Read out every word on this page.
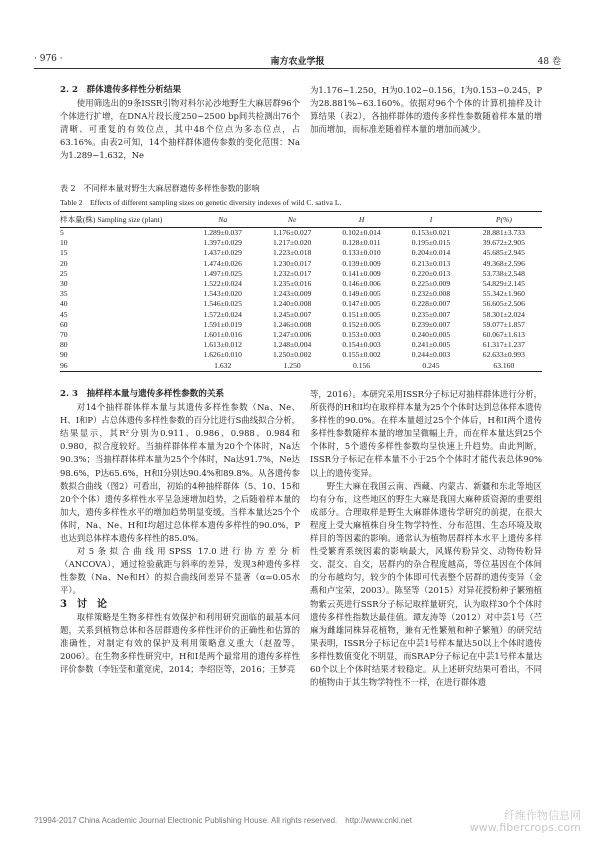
· 976 ·	南方农业学报	48 卷

2. 2　群体遗传多样性分析结果

使用筛选出的9条ISSR引物对科尔沁沙地野生大麻居群96个个体进行扩增，在DNA片段长度250~2500 bp间共检测出76个清晰、可重复的有效位点，其中48个位点为多态位点，占63.16%。由表2可知，14个抽样群体遗传参数的变化范围：Na为1.289~1.632，Ne

为1.176~1.250，H为0.102~0.156，I为0.153~0.245，P为28.881%~63.160%。依据对96个个体的计算机抽样及计算结果（表2），各抽样群体的遗传多样性参数随着样本量的增加而增加，而标准差随着样本量的增加而减少。

表 2　不同样本量对野生大麻居群遗传多样性参数的影响
Table 2　Effects of different sampling sizes on genetic diversity indexes of wild C. sativa L.
样本量(株) Sampling size (plant)	Na	Ne	H	I	P(%)
5	1.289±0.037	1.176±0.027	0.102±0.014	0.153±0.021	28.881±3.733
10	1.397±0.029	1.217±0.020	0.128±0.011	0.195±0.015	39.672±2.905
15	1.437±0.029	1.223±0.018	0.133±0.010	0.204±0.014	45.685±2.945
20	1.474±0.026	1.230±0.017	0.139±0.009	0.213±0.013	49.368±2.596
25	1.497±0.025	1.232±0.017	0.141±0.009	0.220±0.013	53.738±2.548
30	1.522±0.024	1.235±0.016	0.146±0.006	0.225±0.009	54.829±2.145
35	1.543±0.020	1.243±0.009	0.149±0.005	0.232±0.008	55.342±1.960
40	1.546±0.025	1.240±0.008	0.147±0.005	0.228±0.007	56.605±2.506
45	1.572±0.024	1.245±0.007	0.151±0.005	0.235±0.007	58.301±2.024
60	1.591±0.019	1.246±0.008	0.152±0.005	0.239±0.007	59.077±1.857
70	1.601±0.016	1.247±0.006	0.153±0.003	0.240±0.005	60.067±1.613
80	1.613±0.012	1.248±0.004	0.154±0.003	0.241±0.005	61.317±1.237
90	1.626±0.010	1.250±0.002	0.155±0.002	0.244±0.003	62.633±0.993
96	1.632	1.250	0.156	0.245	63.160

2. 3　抽样样本量与遗传多样性参数的关系

对14个抽样群体样本量与其遗传多样性参数（Na、Ne、H、I和P）占总体遗传多样性参数的百分比进行S曲线拟合分析，结果显示，其R²分别为0.911、0.986、0.988、0.984和0.980，拟合度较好。当抽样群体样本量为20个个体时，Na达90.3%；当抽样群体样本量为25个个体时，Na达91.7%，Ne达98.6%，P达65.6%，H和I分别达90.4%和89.8%。从各遗传参数拟合曲线（图2）可看出，初始的4种抽样群体（5、10、15和20个个体）遗传多样性水平呈急速增加趋势，之后随着样本量的加大，遗传多样性水平的增加趋势明显变缓。当样本量达25个个体时，Na、Ne、H和I均超过总体样本遗传多样性的90.0%，P也达到总体样本遗传多样性的85.0%。

对5条拟合曲线用SPSS 17.0进行协方差分析（ANCOVA），通过检验截距与斜率的差异，发现3种遗传多样性参数（Na、Ne和H）的拟合曲线间差异不显著（α=0.05水平）。

3　讨　论

取样策略是生物多样性有效保护和利用研究面临的最基本问题，关系到植物总体和各居群遗传多样性评价的正确性和估算的准确性，对制定有效的保护及利用策略意义重大（赵盈等，2006）。在生物多样性研究中，H和I是两个最常用的遗传多样性评价参数（李钰莹和董宽虎，2014；李绍臣等，2016；王梦亮

等，2016）。本研究采用ISSR分子标记对抽样群体进行分析，所获得的H和I均在取样样本量为25个个体时达到总体样本遗传多样性的90.0%。在样本量超过25个个体后，H和I两个遗传多样性参数随样本量的增加呈微幅上升，而在样本量达到25个个体时，5个遗传多样性参数均呈快速上升趋势。由此判断，ISSR分子标记在样本量不小于25个个体时才能代表总体90%以上的遗传变异。

野生大麻在我国云南、西藏、内蒙古、新疆和东北等地区均有分布，这些地区的野生大麻是我国大麻种质资源的重要组成部分。合理取样是野生大麻群体遗传学研究的前提，在很大程度上受大麻植株自身生物学特性、分布范围、生态环境及取样目的等因素的影响。通常认为植物居群样本水平上遗传多样性受繁育系统因素的影响最大，风媒传粉异交、动物传粉异交、混交、自交，居群内的杂合程度越高，等位基因在个体间的分布越均匀，较少的个体即可代表整个居群的遗传变异（金燕和卢宝荣，2003）。陈坚等（2015）对异花授粉种子繁殖植物紫云英进行SSR分子标记取样量研究，认为取样30个个体时遗传多样性指数达最佳值。谭友涛等（2012）对中芸1号（苎麻为雌雄同株异花植物，兼有无性繁殖和种子繁殖）的研究结果表明，ISSR分子标记在中芸1号样本量达50以上个体时遗传多样性数值变化不明显，而SRAP分子标记在中芸1号样本量达60个以上个体时结果才较稳定。从上述研究结果可看出，不同的植物由于其生物学特性不一样，在进行群体遗

?1994-2017 China Academic Journal Electronic Publishing House. All rights reserved.　http://www.cnki.net	纤维作物信息网
www.fibercrops.com
